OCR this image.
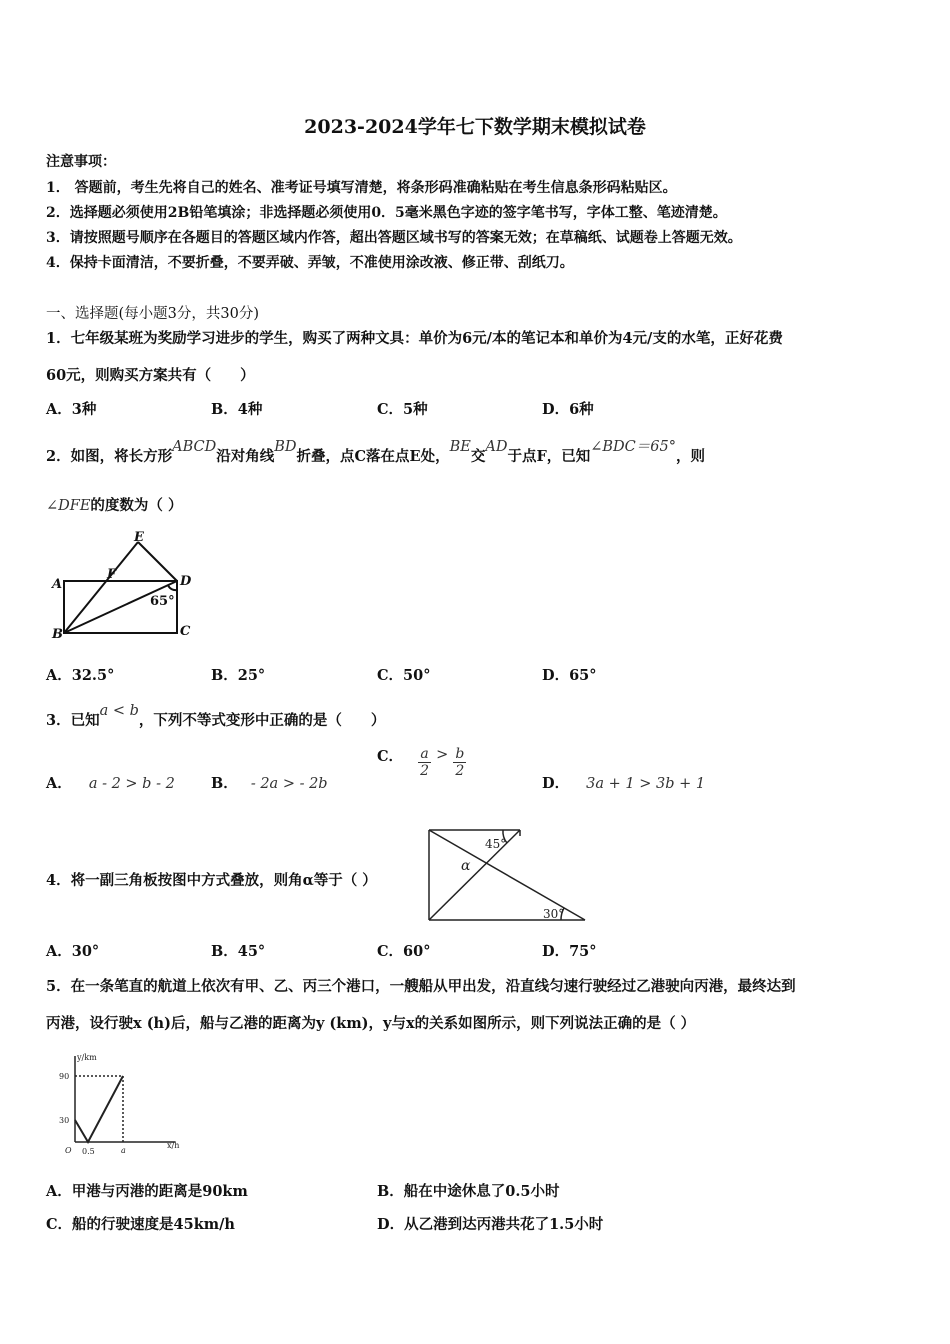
2023-2024学年七下数学期末模拟试卷
注意事项：
1． 答题前，考生先将自己的姓名、准考证号填写清楚，将条形码准确粘贴在考生信息条形码粘贴区。
2．选择题必须使用2B铅笔填涂；非选择题必须使用0．5毫米黑色字迹的签字笔书写，字体工整、笔迹清楚。
3．请按照题号顺序在各题目的答题区域内作答，超出答题区域书写的答案无效；在草稿纸、试题卷上答题无效。
4．保持卡面清洁，不要折叠，不要弄破、弄皱，不准使用涂改液、修正带、刮纸刀。
一、选择题(每小题3分，共30分)
1．七年级某班为奖励学习进步的学生，购买了两种文具：单价为6元/本的笔记本和单价为4元/支的水笔，正好花费
60元，则购买方案共有（　　）
A．3种	B．4种	C．5种	D．6种
2．如图，将长方形ABCD沿对角线BD折叠，点C落在点E处，BE交AD于点F，已知∠BDC＝65°，则
∠DFE的度数为（ ）
A
B	C
D
E
F
65°
A．32.5°	B．25°	C．50°	D．65°
3．已知a < b，下列不等式变形中正确的是（　　）
A． a - 2 > b - 2 B． - 2a > - 2b
C． $\frac{a}{2} > \frac{b}{2}$
D． 3a + 1 > 3b + 1
4．将一副三角板按图中方式叠放，则角α等于（ ）
45°
α
30°
A．30°	B．45°	C．60°	D．75°
5．在一条笔直的航道上依次有甲、乙、丙三个港口，一艘船从甲出发，沿直线匀速行驶经过乙港驶向丙港，最终达到
丙港，设行驶x (h)后，船与乙港的距离为y (km)，y与x的关系如图所示，则下列说法正确的是（ ）
y/km
90
30
O 0.5	a
x/h
A．甲港与丙港的距离是90km	B．船在中途休息了0.5小时
C．船的行驶速度是45km/h	D．从乙港到达丙港共花了1.5小时
